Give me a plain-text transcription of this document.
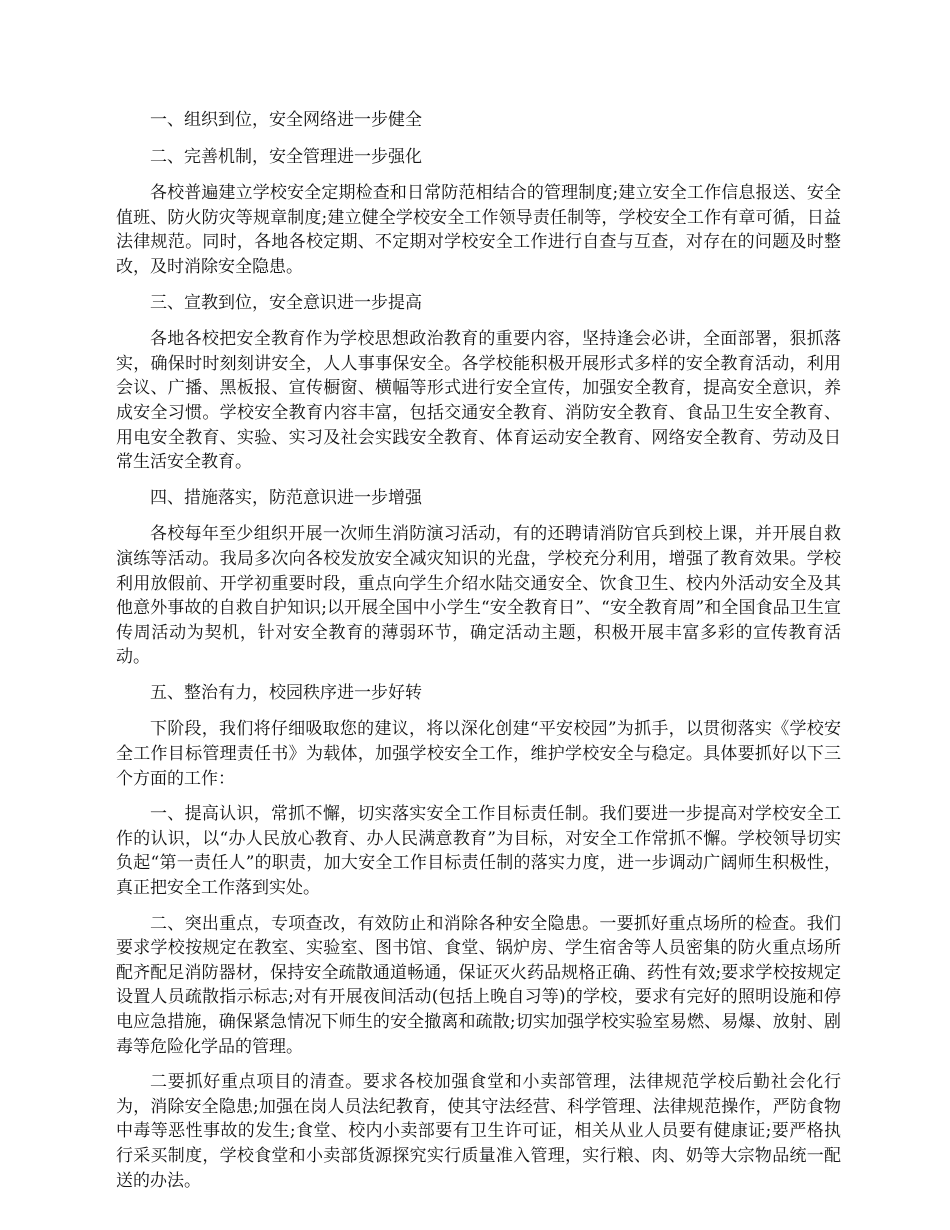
一、组织到位，安全网络进一步健全

二、完善机制，安全管理进一步强化

各校普遍建立学校安全定期检查和日常防范相结合的管理制度;建立安全工作信息报送、安全值班、防火防灾等规章制度;建立健全学校安全工作领导责任制等，学校安全工作有章可循，日益法律规范。同时，各地各校定期、不定期对学校安全工作进行自查与互查，对存在的问题及时整改，及时消除安全隐患。

三、宣教到位，安全意识进一步提高

各地各校把安全教育作为学校思想政治教育的重要内容，坚持逢会必讲，全面部署，狠抓落实，确保时时刻刻讲安全，人人事事保安全。各学校能积极开展形式多样的安全教育活动，利用会议、广播、黑板报、宣传橱窗、横幅等形式进行安全宣传，加强安全教育，提高安全意识，养成安全习惯。学校安全教育内容丰富，包括交通安全教育、消防安全教育、食品卫生安全教育、用电安全教育、实验、实习及社会实践安全教育、体育运动安全教育、网络安全教育、劳动及日常生活安全教育。

四、措施落实，防范意识进一步增强

各校每年至少组织开展一次师生消防演习活动，有的还聘请消防官兵到校上课，并开展自救演练等活动。我局多次向各校发放安全减灾知识的光盘，学校充分利用，增强了教育效果。学校利用放假前、开学初重要时段，重点向学生介绍水陆交通安全、饮食卫生、校内外活动安全及其他意外事故的自救自护知识;以开展全国中小学生“安全教育日”、“安全教育周”和全国食品卫生宣传周活动为契机，针对安全教育的薄弱环节，确定活动主题，积极开展丰富多彩的宣传教育活动。

五、整治有力，校园秩序进一步好转

下阶段，我们将仔细吸取您的建议，将以深化创建“平安校园”为抓手，以贯彻落实《学校安全工作目标管理责任书》为载体，加强学校安全工作，维护学校安全与稳定。具体要抓好以下三个方面的工作：

一、提高认识，常抓不懈，切实落实安全工作目标责任制。我们要进一步提高对学校安全工作的认识，以“办人民放心教育、办人民满意教育”为目标，对安全工作常抓不懈。学校领导切实负起“第一责任人”的职责，加大安全工作目标责任制的落实力度，进一步调动广阔师生积极性，真正把安全工作落到实处。

二、突出重点，专项查改，有效防止和消除各种安全隐患。一要抓好重点场所的检查。我们要求学校按规定在教室、实验室、图书馆、食堂、锅炉房、学生宿舍等人员密集的防火重点场所配齐配足消防器材，保持安全疏散通道畅通，保证灭火药品规格正确、药性有效;要求学校按规定设置人员疏散指示标志;对有开展夜间活动(包括上晚自习等)的学校，要求有完好的照明设施和停电应急措施，确保紧急情况下师生的安全撤离和疏散;切实加强学校实验室易燃、易爆、放射、剧毒等危险化学品的管理。

二要抓好重点项目的清查。要求各校加强食堂和小卖部管理，法律规范学校后勤社会化行为，消除安全隐患;加强在岗人员法纪教育，使其守法经营、科学管理、法律规范操作，严防食物中毒等恶性事故的发生;食堂、校内小卖部要有卫生许可证，相关从业人员要有健康证;要严格执行采买制度，学校食堂和小卖部货源探究实行质量准入管理，实行粮、肉、奶等大宗物品统一配送的办法。
